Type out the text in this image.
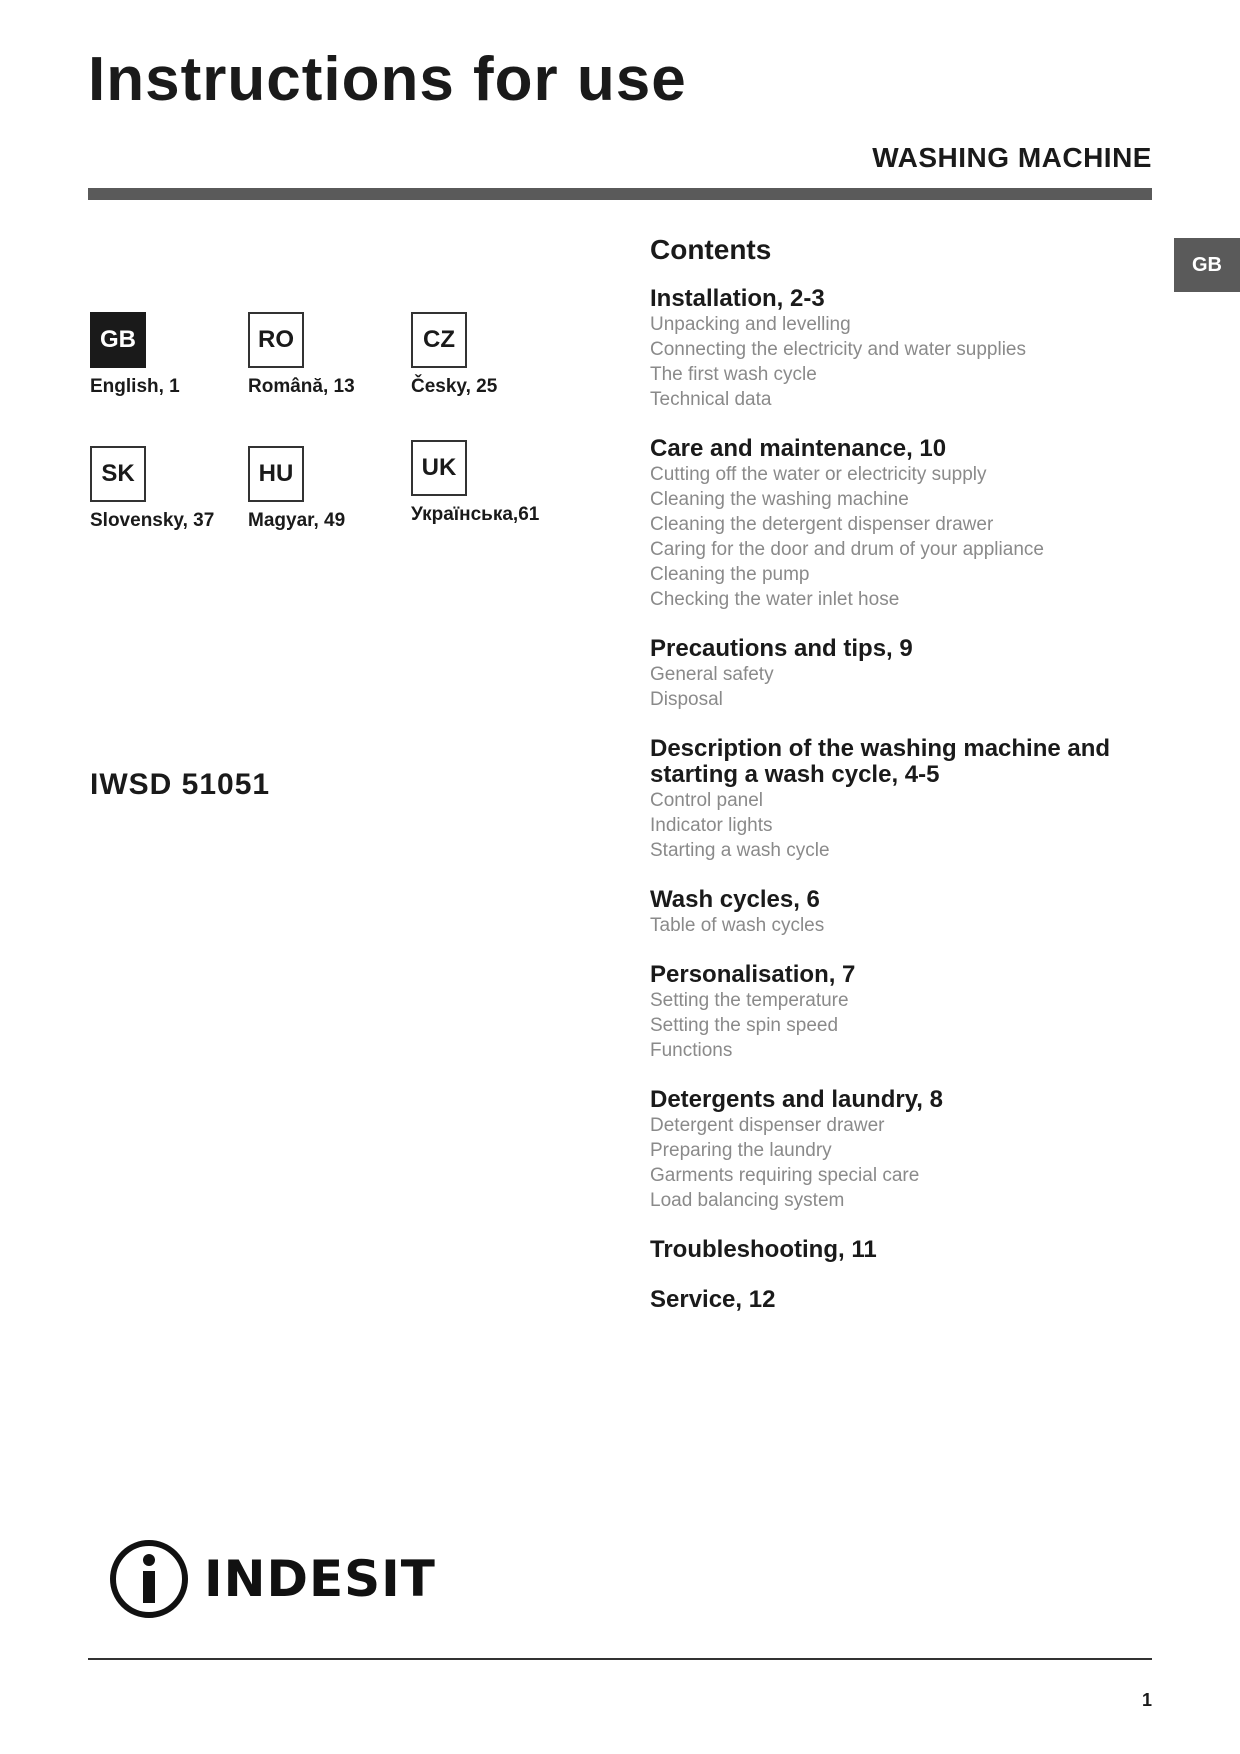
Instructions for use
WASHING MACHINE
GB
GB
English, 1
RO
Română, 13
CZ
Česky, 25
SK
Slovensky, 37
HU
Magyar, 49
UK
Українська,61
IWSD 51051
Contents
Installation, 2-3
Unpacking and levelling
Connecting the electricity and water supplies
The first wash cycle
Technical data
Care and maintenance, 10
Cutting off the water or electricity supply
Cleaning the washing machine
Cleaning the detergent dispenser drawer
Caring for the door and drum of your appliance
Cleaning the pump
Checking the water inlet hose
Precautions and tips, 9
General safety
Disposal
Description of the washing machine and starting a wash cycle, 4-5
Control panel
Indicator lights
Starting a wash cycle
Wash cycles, 6
Table of wash cycles
Personalisation, 7
Setting the temperature
Setting the spin speed
Functions
Detergents and laundry, 8
Detergent dispenser drawer
Preparing the laundry
Garments requiring special care
Load balancing system
Troubleshooting, 11
Service, 12
INDESIT
1
